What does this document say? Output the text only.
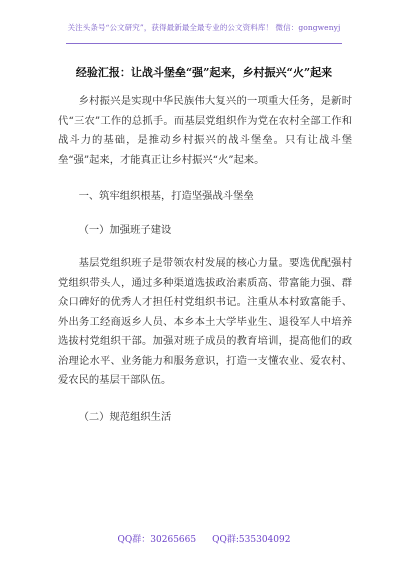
关注头条号“公文研究”，获得最新最全最专业的公文资料库！ 微信：gongwenyj
经验汇报：让战斗堡垒“强”起来，乡村振兴“火”起来

乡村振兴是实现中华民族伟大复兴的一项重大任务，是新时代“三农”工作的总抓手。而基层党组织作为党在农村全部工作和战斗力的基础，是推动乡村振兴的战斗堡垒。只有让战斗堡垒“强”起来，才能真正让乡村振兴“火”起来。

一、筑牢组织根基，打造坚强战斗堡垒

（一）加强班子建设

基层党组织班子是带领农村发展的核心力量。要选优配强村党组织带头人，通过多种渠道选拔政治素质高、带富能力强、群众口碑好的优秀人才担任村党组织书记。注重从本村致富能手、外出务工经商返乡人员、本乡本土大学毕业生、退役军人中培养选拔村党组织干部。加强对班子成员的教育培训，提高他们的政治理论水平、业务能力和服务意识，打造一支懂农业、爱农村、爱农民的基层干部队伍。

（二）规范组织生活

QQ群：30265665 QQ群:535304092
